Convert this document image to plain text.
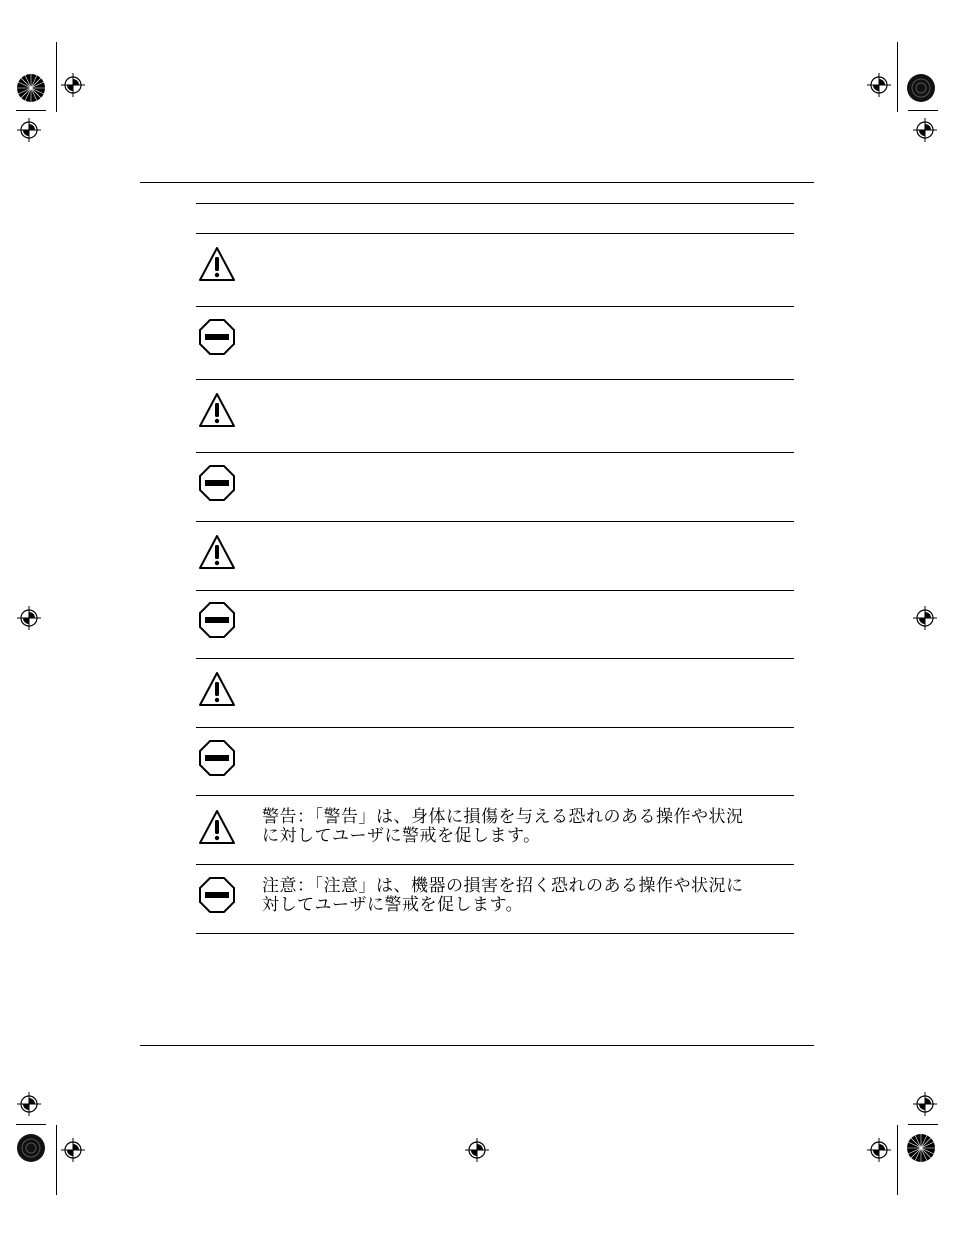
警告：「警告」は、身体に損傷を与える恐れのある操作や状況
に対してユーザに警戒を促します。
注意：「注意」は、機器の損害を招く恐れのある操作や状況に
対してユーザに警戒を促します。
